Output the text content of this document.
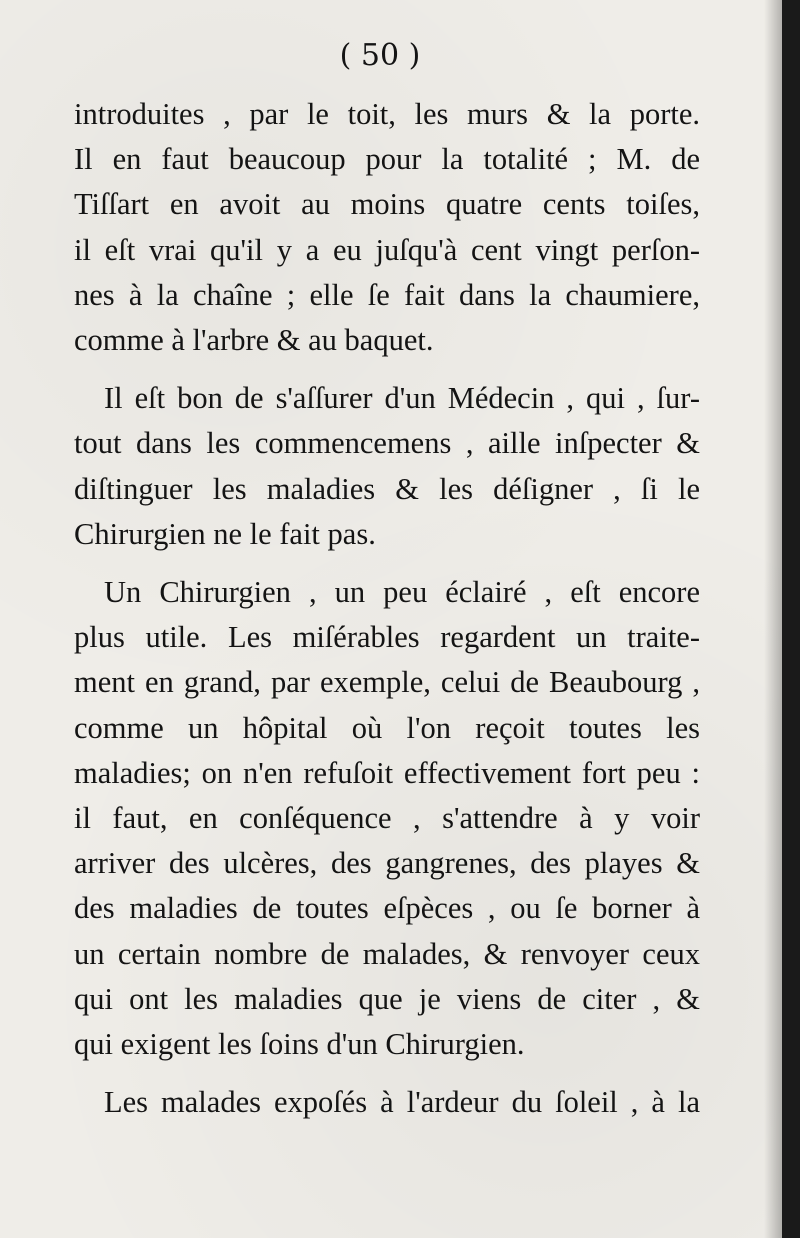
( 50 )
introduites , par le toit, les murs & la porte.
Il en faut beaucoup pour la totalité ; M. de
Tiſſart en avoit au moins quatre cents toiſes,
il eſt vrai qu'il y a eu juſqu'à cent vingt perſon-
nes à la chaîne ; elle ſe fait dans la chaumiere,
comme à l'arbre & au baquet.
Il eſt bon de s'aſſurer d'un Médecin , qui , ſur-
tout dans les commencemens , aille inſpecter &
diſtinguer les maladies & les déſigner , ſi le
Chirurgien ne le fait pas.
Un Chirurgien , un peu éclairé , eſt encore
plus utile. Les miſérables regardent un traite-
ment en grand, par exemple, celui de Beaubourg ,
comme un hôpital où l'on reçoit toutes les
maladies; on n'en refuſoit effectivement fort peu :
il faut, en conſéquence , s'attendre à y voir
arriver des ulcères, des gangrenes, des playes &
des maladies de toutes eſpèces , ou ſe borner à
un certain nombre de malades, & renvoyer ceux
qui ont les maladies que je viens de citer , &
qui exigent les ſoins d'un Chirurgien.
Les malades expoſés à l'ardeur du ſoleil , à la
